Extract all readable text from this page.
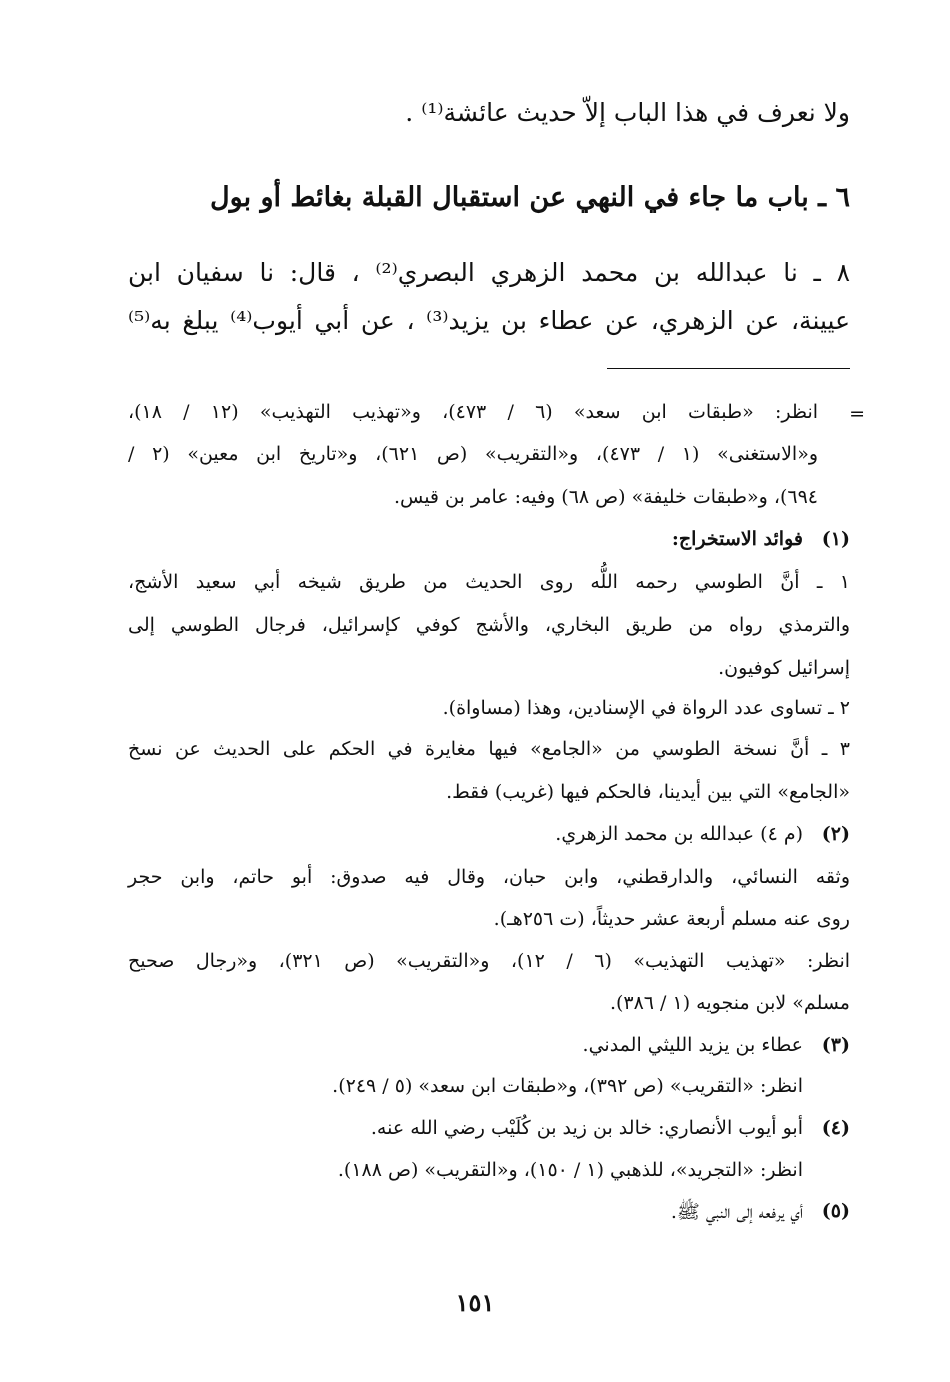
ولا نعرف في هذا الباب إلاّ حديث عائشة⁽¹⁾ .
٦ ـ باب ما جاء في النهي عن استقبال القبلة بغائط أو بول
٨ ـ نا عبدالله بن محمد الزهري البصري⁽²⁾ ، قال: نا سفيان ابن
عيينة، عن الزهري، عن عطاء بن يزيد⁽³⁾ ، عن أبي أيوب⁽⁴⁾ يبلغ به⁽⁵⁾
=
انظر: «طبقات ابن سعد» (٦ / ٤٧٣)، و«تهذيب التهذيب» (١٢ / ١٨)،
و«الاستغنى» (١ / ٤٧٣)، و«التقريب» (ص ٦٢١)، و«تاريخ ابن معين» (٢ /
٦٩٤)، و«طبقات خليفة» (ص ٦٨) وفيه: عامر بن قيس.
(١)
فوائد الاستخراج:
١ ـ أنَّ الطوسي رحمه اللُّه روى الحديث من طريق شيخه أبي سعيد الأشج،
والترمذي رواه من طريق البخاري، والأشج كوفي كإسرائيل، فرجال الطوسي إلى
إسرائيل كوفيون.
٢ ـ تساوى عدد الرواة في الإسنادين، وهذا (مساواة).
٣ ـ أنَّ نسخة الطوسي من «الجامع» فيها مغايرة في الحكم على الحديث عن نسخ
«الجامع» التي بين أيدينا، فالحكم فيها (غريب) فقط.
(٢)
(م ٤) عبدالله بن محمد الزهري.
وثقه النسائي، والدارقطني، وابن حبان، وقال فيه صدوق: أبو حاتم، وابن حجر
روى عنه مسلم أربعة عشر حديثاً، (ت ٢٥٦هـ).
انظر: «تهذيب التهذيب» (٦ / ١٢)، و«التقريب» (ص ٣٢١)، و«رجال صحيح
مسلم» لابن منجويه (١ / ٣٨٦).
(٣)
عطاء بن يزيد الليثي المدني.
انظر: «التقريب» (ص ٣٩٢)، و«طبقات ابن سعد» (٥ / ٢٤٩).
(٤)
أبو أيوب الأنصاري: خالد بن زيد بن كُلَيْب رضي الله عنه.
انظر: «التجريد»، للذهبي (١ / ١٥٠)، و«التقريب» (ص ١٨٨).
(٥)
أي يرفعه إلى النبي ﷺ.
١٥١
